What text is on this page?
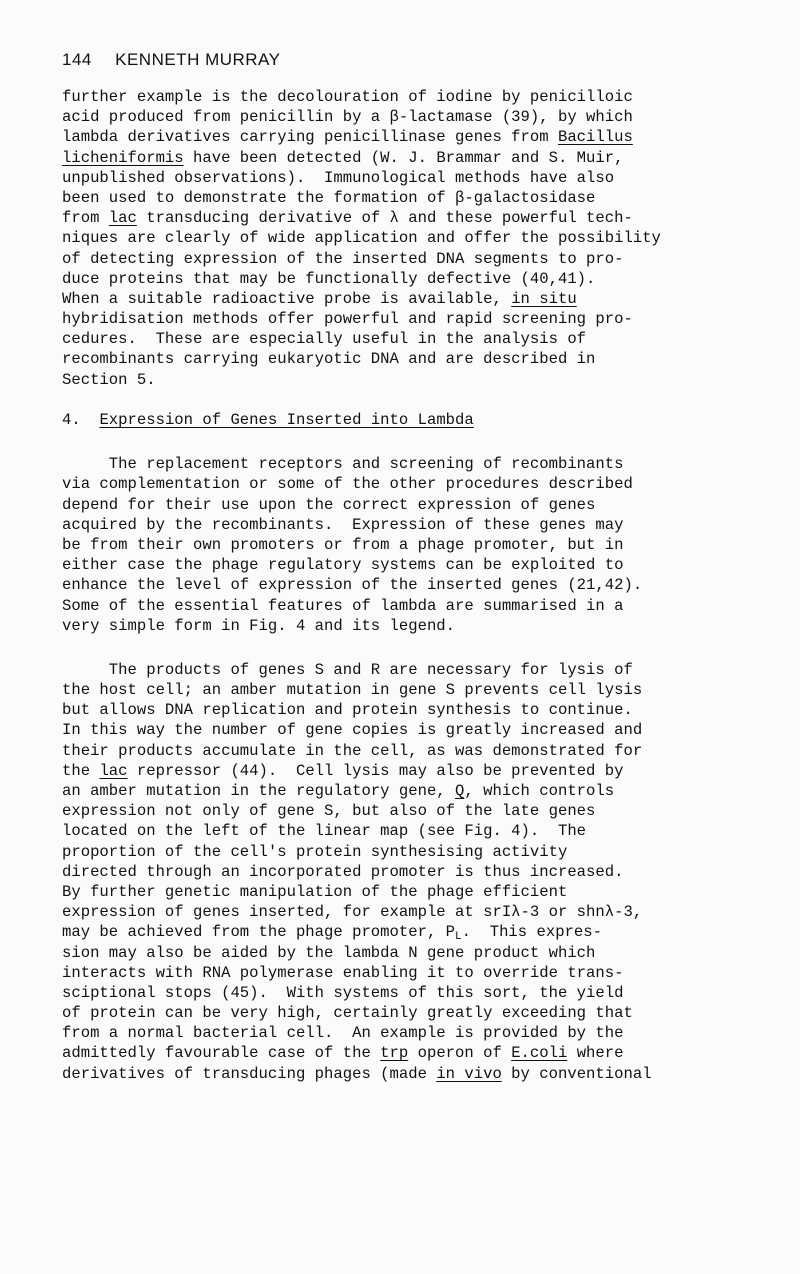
144 KENNETH MURRAY
further example is the decolouration of iodine by penicilloic
acid produced from penicillin by a β-lactamase (39), by which
lambda derivatives carrying penicillinase genes from Bacillus
licheniformis have been detected (W. J. Brammar and S. Muir,
unpublished observations).  Immunological methods have also
been used to demonstrate the formation of β-galactosidase
from lac transducing derivative of λ and these powerful tech-
niques are clearly of wide application and offer the possibility
of detecting expression of the inserted DNA segments to pro-
duce proteins that may be functionally defective (40,41).
When a suitable radioactive probe is available, in situ
hybridisation methods offer powerful and rapid screening pro-
cedures.  These are especially useful in the analysis of
recombinants carrying eukaryotic DNA and are described in
Section 5.
4. Expression of Genes Inserted into Lambda
The replacement receptors and screening of recombinants
via complementation or some of the other procedures described
depend for their use upon the correct expression of genes
acquired by the recombinants.  Expression of these genes may
be from their own promoters or from a phage promoter, but in
either case the phage regulatory systems can be exploited to
enhance the level of expression of the inserted genes (21,42).
Some of the essential features of lambda are summarised in a
very simple form in Fig. 4 and its legend.
The products of genes S and R are necessary for lysis of
the host cell; an amber mutation in gene S prevents cell lysis
but allows DNA replication and protein synthesis to continue.
In this way the number of gene copies is greatly increased and
their products accumulate in the cell, as was demonstrated for
the lac repressor (44).  Cell lysis may also be prevented by
an amber mutation in the regulatory gene, Q, which controls
expression not only of gene S, but also of the late genes
located on the left of the linear map (see Fig. 4).  The
proportion of the cell's protein synthesising activity
directed through an incorporated promoter is thus increased.
By further genetic manipulation of the phage efficient
expression of genes inserted, for example at srIλ-3 or shnλ-3,
may be achieved from the phage promoter, $P_L$.  This expres-
sion may also be aided by the lambda N gene product which
interacts with RNA polymerase enabling it to override trans-
sciptional stops (45).  With systems of this sort, the yield
of protein can be very high, certainly greatly exceeding that
from a normal bacterial cell.  An example is provided by the
admittedly favourable case of the trp operon of E.coli where
derivatives of transducing phages (made in vivo by conventional
